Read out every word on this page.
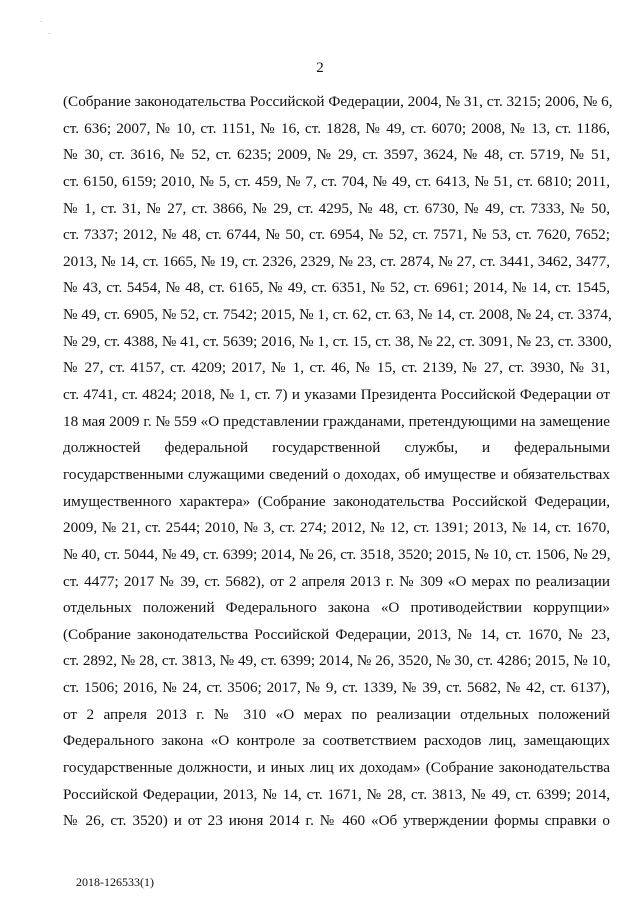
·
·
2
(Собрание законодательства Российской Федерации, 2004, № 31, ст. 3215; 2006, № 6,
ст. 636; 2007, № 10, ст. 1151, № 16, ст. 1828, № 49, ст. 6070; 2008, № 13, ст. 1186,
№ 30, ст. 3616, № 52, ст. 6235; 2009, № 29, ст. 3597, 3624, № 48, ст. 5719, № 51,
ст. 6150, 6159; 2010, № 5, ст. 459, № 7, ст. 704, № 49, ст. 6413, № 51, ст. 6810; 2011,
№ 1, ст. 31, № 27, ст. 3866, № 29, ст. 4295, № 48, ст. 6730, № 49, ст. 7333, № 50,
ст. 7337; 2012, № 48, ст. 6744, № 50, ст. 6954, № 52, ст. 7571, № 53, ст. 7620, 7652;
2013, № 14, ст. 1665, № 19, ст. 2326, 2329, № 23, ст. 2874, № 27, ст. 3441, 3462, 3477,
№ 43, ст. 5454, № 48, ст. 6165, № 49, ст. 6351, № 52, ст. 6961; 2014, № 14, ст. 1545,
№ 49, ст. 6905, № 52, ст. 7542; 2015, № 1, ст. 62, ст. 63, № 14, ст. 2008, № 24, ст. 3374,
№ 29, ст. 4388, № 41, ст. 5639; 2016, № 1, ст. 15, ст. 38, № 22, ст. 3091, № 23, ст. 3300,
№ 27, ст. 4157, ст. 4209; 2017, № 1, ст. 46, № 15, ст. 2139, № 27, ст. 3930, № 31,
ст. 4741, ст. 4824; 2018, № 1, ст. 7) и указами Президента Российской Федерации от
18 мая 2009 г. № 559 «О представлении гражданами, претендующими на замещение
должностей федеральной государственной службы, и федеральными
государственными служащими сведений о доходах, об имуществе и обязательствах
имущественного характера» (Собрание законодательства Российской Федерации,
2009, № 21, ст. 2544; 2010, № 3, ст. 274; 2012, № 12, ст. 1391; 2013, № 14, ст. 1670,
№ 40, ст. 5044, № 49, ст. 6399; 2014, № 26, ст. 3518, 3520; 2015, № 10, ст. 1506, № 29,
ст. 4477; 2017 № 39, ст. 5682), от 2 апреля 2013 г. № 309 «О мерах по реализации
отдельных положений Федерального закона «О противодействии коррупции»
(Собрание законодательства Российской Федерации, 2013, № 14, ст. 1670, № 23,
ст. 2892, № 28, ст. 3813, № 49, ст. 6399; 2014, № 26, 3520, № 30, ст. 4286; 2015, № 10,
ст. 1506; 2016, № 24, ст. 3506; 2017, № 9, ст. 1339, № 39, ст. 5682, № 42, ст. 6137),
от 2 апреля 2013 г. № 310 «О мерах по реализации отдельных положений
Федерального закона «О контроле за соответствием расходов лиц, замещающих
государственные должности, и иных лиц их доходам» (Собрание законодательства
Российской Федерации, 2013, № 14, ст. 1671, № 28, ст. 3813, № 49, ст. 6399; 2014,
№ 26, ст. 3520) и от 23 июня 2014 г. № 460 «Об утверждении формы справки о
2018-126533(1)
